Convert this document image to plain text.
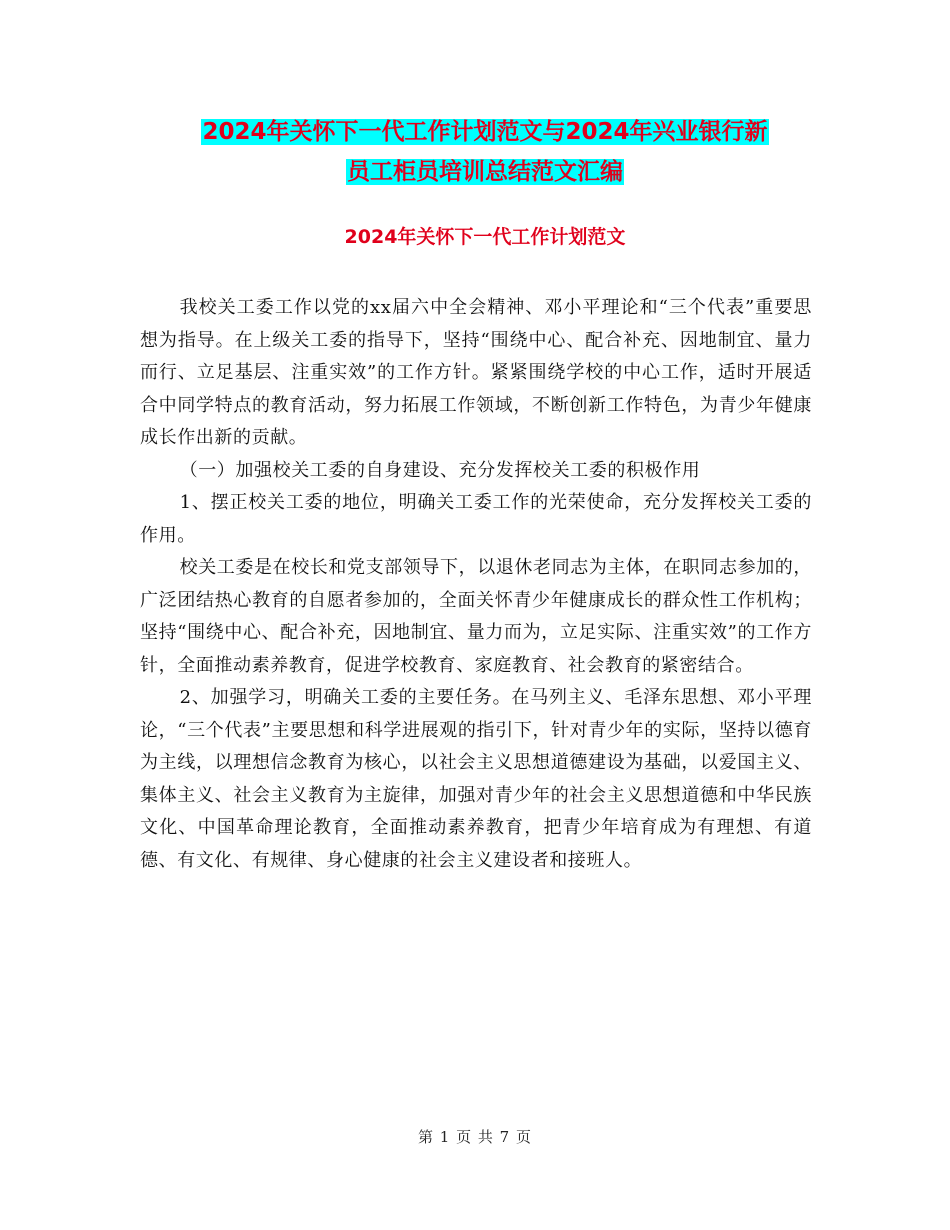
2024年关怀下一代工作计划范文与2024年兴业银行新
员工柜员培训总结范文汇编
2024年关怀下一代工作计划范文

我校关工委工作以党的xx届六中全会精神、邓小平理论和“三个代表”重要思想为指导。在上级关工委的指导下，坚持“围绕中心、配合补充、因地制宜、量力而行、立足基层、注重实效”的工作方针。紧紧围绕学校的中心工作，适时开展适合中同学特点的教育活动，努力拓展工作领域，不断创新工作特色，为青少年健康成长作出新的贡献。

（一）加强校关工委的自身建设、充分发挥校关工委的积极作用

1、摆正校关工委的地位，明确关工委工作的光荣使命，充分发挥校关工委的作用。

校关工委是在校长和党支部领导下，以退休老同志为主体，在职同志参加的，广泛团结热心教育的自愿者参加的，全面关怀青少年健康成长的群众性工作机构；坚持“围绕中心、配合补充，因地制宜、量力而为，立足实际、注重实效”的工作方针，全面推动素养教育，促进学校教育、家庭教育、社会教育的紧密结合。

2、加强学习，明确关工委的主要任务。在马列主义、毛泽东思想、邓小平理论，“三个代表”主要思想和科学进展观的指引下，针对青少年的实际，坚持以德育为主线，以理想信念教育为核心，以社会主义思想道德建设为基础，以爱国主义、集体主义、社会主义教育为主旋律，加强对青少年的社会主义思想道德和中华民族文化、中国革命理论教育，全面推动素养教育，把青少年培育成为有理想、有道德、有文化、有规律、身心健康的社会主义建设者和接班人。

第 1 页 共 7 页
